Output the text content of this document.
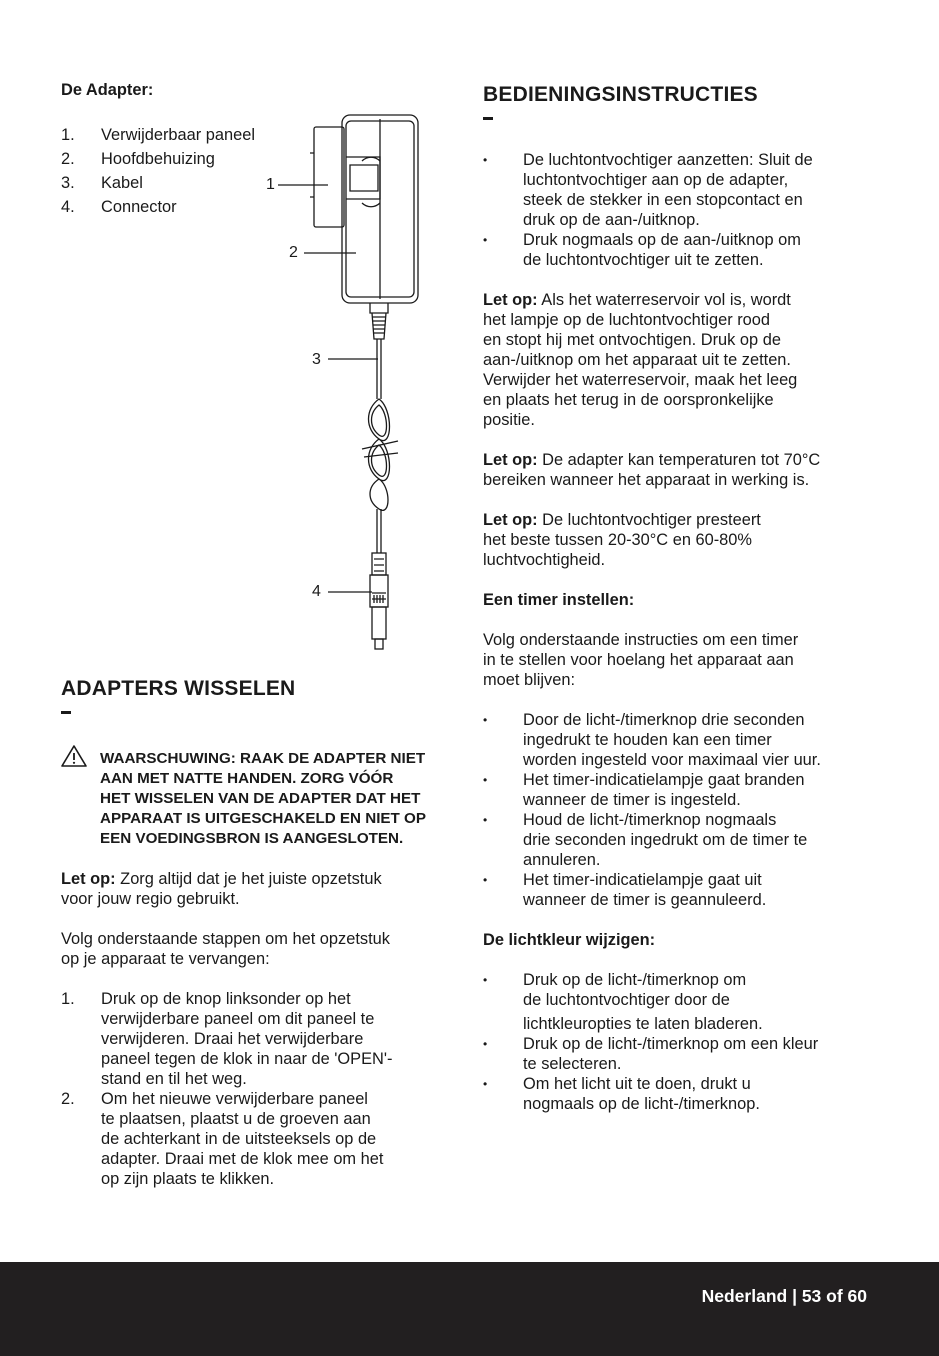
De Adapter:
1. Verwijderbaar paneel
2. Hoofdbehuizing
3. Kabel
4. Connector
1
2
3
4
ADAPTERS WISSELEN
WAARSCHUWING: RAAK DE ADAPTER NIET
AAN MET NATTE HANDEN. ZORG VÓÓR
HET WISSELEN VAN DE ADAPTER DAT HET
APPARAAT IS UITGESCHAKELD EN NIET OP
EEN VOEDINGSBRON IS AANGESLOTEN.
Let op: Zorg altijd dat je het juiste opzetstuk
voor jouw regio gebruikt.
Volg onderstaande stappen om het opzetstuk
op je apparaat te vervangen:
1. Druk op de knop linksonder op het
verwijderbare paneel om dit paneel te
verwijderen. Draai het verwijderbare
paneel tegen de klok in naar de 'OPEN'-
stand en til het weg.
2. Om het nieuwe verwijderbare paneel
te plaatsen, plaatst u de groeven aan
de achterkant in de uitsteeksels op de
adapter. Draai met de klok mee om het
op zijn plaats te klikken.
BEDIENINGSINSTRUCTIES
• De luchtontvochtiger aanzetten: Sluit de
luchtontvochtiger aan op de adapter,
steek de stekker in een stopcontact en
druk op de aan-/uitknop.
• Druk nogmaals op de aan-/uitknop om
de luchtontvochtiger uit te zetten.
Let op: Als het waterreservoir vol is, wordt
het lampje op de luchtontvochtiger rood
en stopt hij met ontvochtigen. Druk op de
aan-/uitknop om het apparaat uit te zetten.
Verwijder het waterreservoir, maak het leeg
en plaats het terug in de oorspronkelijke
positie.
Let op: De adapter kan temperaturen tot 70°C
bereiken wanneer het apparaat in werking is.
Let op: De luchtontvochtiger presteert
het beste tussen 20-30°C en 60-80%
luchtvochtigheid.
Een timer instellen:
Volg onderstaande instructies om een timer
in te stellen voor hoelang het apparaat aan
moet blijven:
• Door de licht-/timerknop drie seconden
ingedrukt te houden kan een timer
worden ingesteld voor maximaal vier uur.
• Het timer-indicatielampje gaat branden
wanneer de timer is ingesteld.
• Houd de licht-/timerknop nogmaals
drie seconden ingedrukt om de timer te
annuleren.
• Het timer-indicatielampje gaat uit
wanneer de timer is geannuleerd.
De lichtkleur wijzigen:
• Druk op de licht-/timerknop om
de luchtontvochtiger door de
lichtkleuropties te laten bladeren.
• Druk op de licht-/timerknop om een kleur
te selecteren.
• Om het licht uit te doen, drukt u
nogmaals op de licht-/timerknop.
Nederland | 53 of 60
